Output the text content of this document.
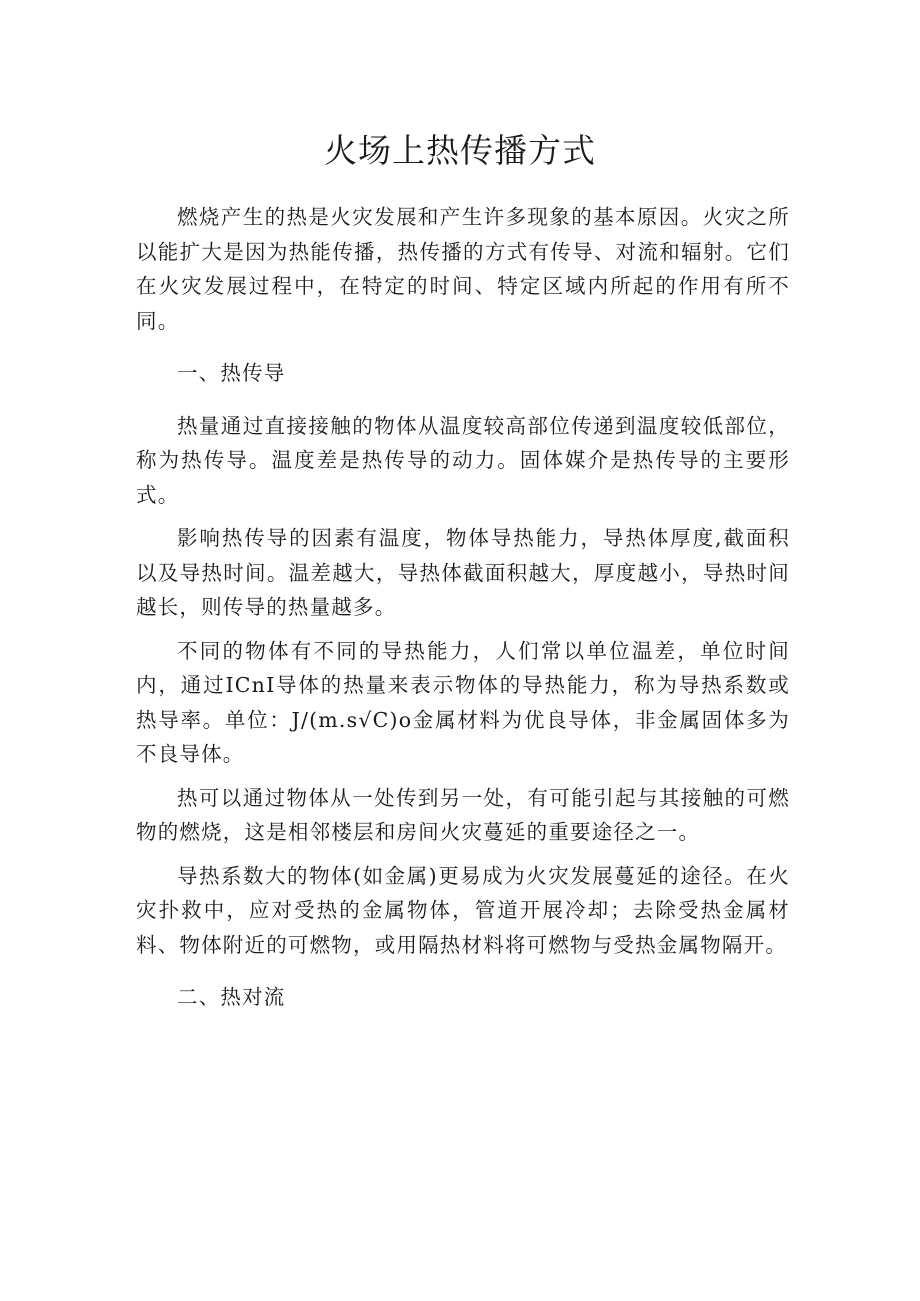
火场上热传播方式

燃烧产生的热是火灾发展和产生许多现象的基本原因。火灾之所以能扩大是因为热能传播，热传播的方式有传导、对流和辐射。它们在火灾发展过程中，在特定的时间、特定区域内所起的作用有所不同。

一、热传导

热量通过直接接触的物体从温度较高部位传递到温度较低部位，称为热传导。温度差是热传导的动力。固体媒介是热传导的主要形式。

影响热传导的因素有温度，物体导热能力，导热体厚度,截面积以及导热时间。温差越大，导热体截面积越大，厚度越小，导热时间越长，则传导的热量越多。

不同的物体有不同的导热能力，人们常以单位温差，单位时间内，通过ICnI导体的热量来表示物体的导热能力，称为导热系数或热导率。单位：J/(m.s√C)o金属材料为优良导体，非金属固体多为不良导体。

热可以通过物体从一处传到另一处，有可能引起与其接触的可燃物的燃烧，这是相邻楼层和房间火灾蔓延的重要途径之一。

导热系数大的物体(如金属)更易成为火灾发展蔓延的途径。在火灾扑救中，应对受热的金属物体，管道开展冷却；去除受热金属材料、物体附近的可燃物，或用隔热材料将可燃物与受热金属物隔开。

二、热对流
